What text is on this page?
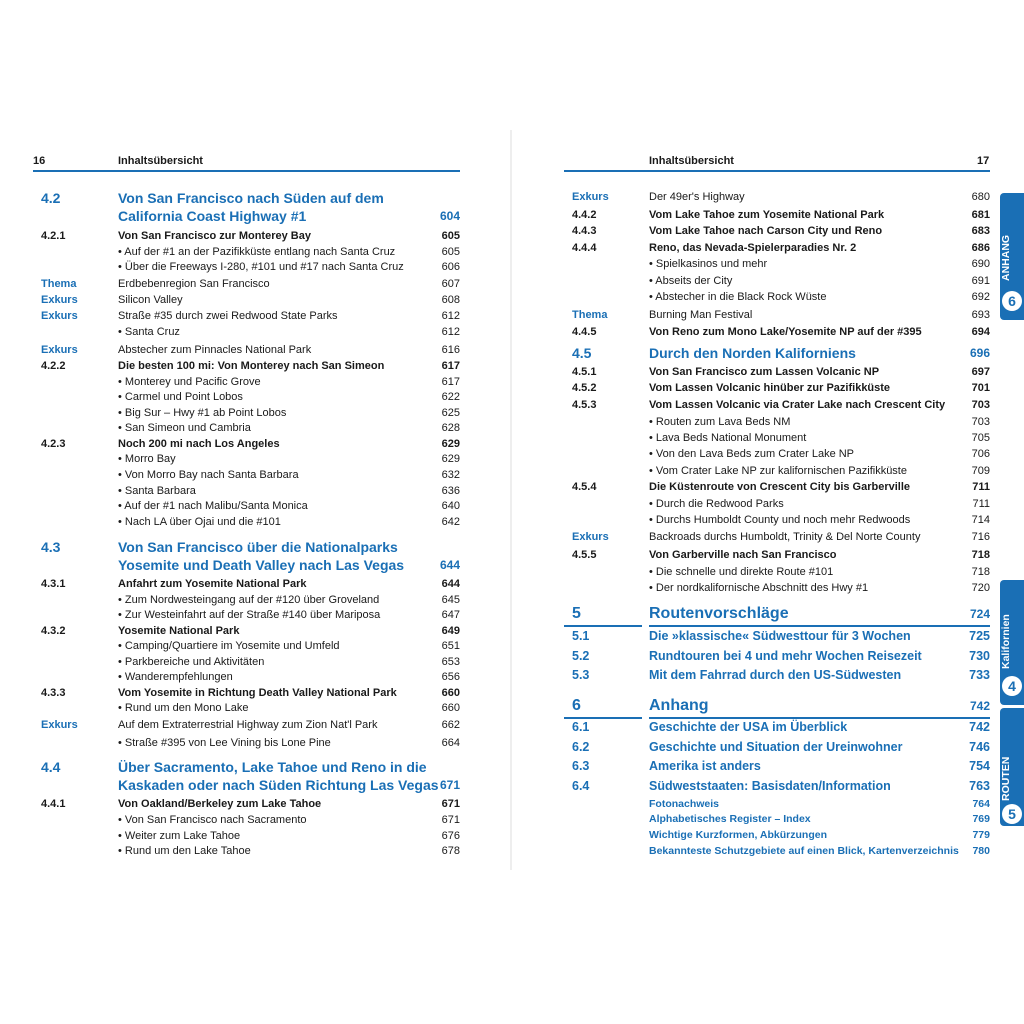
16	Inhaltsübersicht
4.2	Von San Francisco nach Süden auf dem
California Coast Highway #1	604
4.2.1	Von San Francisco zur Monterey Bay	605
• Auf der #1 an der Pazifikküste entlang nach Santa Cruz	605
• Über die Freeways I-280, #101 und #17 nach Santa Cruz	606
Thema	Erdbebenregion San Francisco	607
Exkurs	Silicon Valley	608
Exkurs	Straße #35 durch zwei Redwood State Parks	612
• Santa Cruz	612
Exkurs	Abstecher zum Pinnacles National Park	616
4.2.2	Die besten 100 mi: Von Monterey nach San Simeon	617
• Monterey und Pacific Grove	617
• Carmel und Point Lobos	622
• Big Sur – Hwy #1 ab Point Lobos	625
• San Simeon und Cambria	628
4.2.3	Noch 200 mi nach Los Angeles	629
• Morro Bay	629
• Von Morro Bay nach Santa Barbara	632
• Santa Barbara	636
• Auf der #1 nach Malibu/Santa Monica	640
• Nach LA über Ojai und die #101	642
4.3	Von San Francisco über die Nationalparks
Yosemite und Death Valley nach Las Vegas	644
4.3.1	Anfahrt zum Yosemite National Park	644
• Zum Nordwesteingang auf der #120 über Groveland	645
• Zur Westeinfahrt auf der Straße #140 über Mariposa	647
4.3.2	Yosemite National Park	649
• Camping/Quartiere im Yosemite und Umfeld	651
• Parkbereiche und Aktivitäten	653
• Wanderempfehlungen	656
4.3.3	Vom Yosemite in Richtung Death Valley National Park	660
• Rund um den Mono Lake	660
Exkurs	Auf dem Extraterrestrial Highway zum Zion Nat'l Park	662
• Straße #395 von Lee Vining bis Lone Pine	664
4.4	Über Sacramento, Lake Tahoe und Reno in die
Kaskaden oder nach Süden Richtung Las Vegas 671
4.4.1	Von Oakland/Berkeley zum Lake Tahoe	671
• Von San Francisco nach Sacramento	671
• Weiter zum Lake Tahoe	676
• Rund um den Lake Tahoe	678
Inhaltsübersicht	17
Exkurs	Der 49er's Highway	680
4.4.2	Vom Lake Tahoe zum Yosemite National Park	681
4.4.3	Vom Lake Tahoe nach Carson City und Reno	683
4.4.4	Reno, das Nevada-Spielerparadies Nr. 2	686
• Spielkasinos und mehr	690
• Abseits der City	691
• Abstecher in die Black Rock Wüste	692
Thema	Burning Man Festival	693
4.4.5	Von Reno zum Mono Lake/Yosemite NP auf der #395	694
4.5	Durch den Norden Kaliforniens	696
4.5.1	Von San Francisco zum Lassen Volcanic NP	697
4.5.2	Vom Lassen Volcanic hinüber zur Pazifikküste	701
4.5.3	Vom Lassen Volcanic via Crater Lake nach Crescent City 703
• Routen zum Lava Beds NM	703
• Lava Beds National Monument	705
• Von den Lava Beds zum Crater Lake NP	706
• Vom Crater Lake NP zur kalifornischen Pazifikküste	709
4.5.4	Die Küstenroute von Crescent City bis Garberville	711
• Durch die Redwood Parks	711
• Durchs Humboldt County und noch mehr Redwoods	714
Exkurs	Backroads durchs Humboldt, Trinity & Del Norte County	716
4.5.5	Von Garberville nach San Francisco	718
• Die schnelle und direkte Route #101	718
• Der nordkalifornische Abschnitt des Hwy #1	720
5	Routenvorschläge	724
5.1	Die »klassische« Südwesttour für 3 Wochen	725
5.2	Rundtouren bei 4 und mehr Wochen Reisezeit	730
5.3	Mit dem Fahrrad durch den US-Südwesten	733
6	Anhang	742
6.1	Geschichte der USA im Überblick	742
6.2	Geschichte und Situation der Ureinwohner	746
6.3	Amerika ist anders	754
6.4	Südweststaaten: Basisdaten/Information	763
Fotonachweis	764
Alphabetisches Register – Index	769
Wichtige Kurzformen, Abkürzungen	779
Bekannteste Schutzgebiete auf einen Blick, Kartenverzeichnis 780
ANHANG
6
Kalifornien
4
ROUTEN
5
